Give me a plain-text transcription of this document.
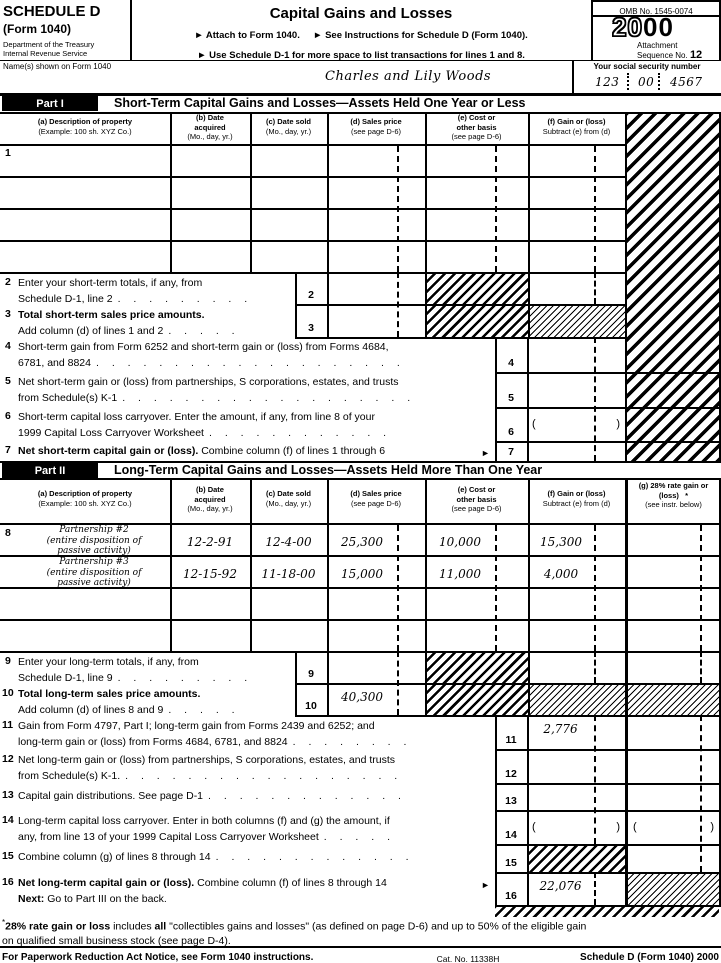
(	)
(	) (	)
SCHEDULE D
(Form 1040)
Department of the Treasury
Internal Revenue Service
Capital Gains and Losses
► Attach to Form 1040. ► See Instructions for Schedule D (Form 1040).
► Use Schedule D-1 for more space to list transactions for lines 1 and 8.
OMB No. 1545-0074
2000
Attachment
Sequence No. 12
Name(s) shown on Form 1040
Charles and Lily Woods
Your social security number
123 00 4567
Part I	Short-Term Capital Gains and Losses—Assets Held One Year or Less
(a) Description of property
(Example: 100 sh. XYZ Co.)
(b) Date
acquired
(Mo., day, yr.)
(c) Date sold
(Mo., day, yr.)
(d) Sales price
(see page D-6)
(e) Cost or
other basis
(see page D-6)
(f) Gain or (loss)
Subtract (e) from (d)
1
2 Enter your short-term totals, if any, from
Schedule D-1, line 2 . . . . . . . . .	2
3 Total short-term sales price amounts.
Add column (d) of lines 1 and 2 . . . . .	3
4 Short-term gain from Form 6252 and short-term gain or (loss) from Forms 4684,
6781, and 8824 . . . . . . . . . . . . . . . . . . . .	4
5 Net short-term gain or (loss) from partnerships, S corporations, estates, and trusts
from Schedule(s) K-1 . . . . . . . . . . . . . . . . . . .	5
6 Short-term capital loss carryover. Enter the amount, if any, from line 8 of your
1999 Capital Loss Carryover Worksheet . . . . . . . . . . . .	6
7 Net short-term capital gain or (loss). Combine column (f) of lines 1 through 6	►	7
Part II	Long-Term Capital Gains and Losses—Assets Held More Than One Year
(a) Description of property
(Example: 100 sh. XYZ Co.)
(b) Date
acquired
(Mo., day, yr.)
(c) Date sold
(Mo., day, yr.)
(d) Sales price
(see page D-6)
(e) Cost or
other basis
(see page D-6)
(f) Gain or (loss)
Subtract (e) from (d)
(g) 28% rate gain or
(loss) *
(see instr. below)
8	Partnership #2
(entire disposition of
passive activity)
12-2-91	12-4-00	25,300	10,000	15,300
Partnership #3
(entire disposition of
passive activity)
12-15-92	11-18-00	15,000	11,000	4,000
9 Enter your long-term totals, if any, from
Schedule D-1, line 9 . . . . . . . . .	9
10 Total long-term sales price amounts.
Add column (d) of lines 8 and 9 . . . . .	10
40,300
11 Gain from Form 4797, Part I; long-term gain from Forms 2439 and 6252; and
long-term gain or (loss) from Forms 4684, 6781, and 8824 . . . . . . . .	11
2,776
12 Net long-term gain or (loss) from partnerships, S corporations, estates, and trusts
from Schedule(s) K-1. . . . . . . . . . . . . . . . . . .	12
13 Capital gain distributions. See page D-1 . . . . . . . . . . . . .	13
14 Long-term capital loss carryover. Enter in both columns (f) and (g) the amount, if
any, from line 13 of your 1999 Capital Loss Carryover Worksheet . . . . .	14
15 Combine column (g) of lines 8 through 14 . . . . . . . . . . . . .	15
16 Net long-term capital gain or (loss). Combine column (f) of lines 8 through 14
Next: Go to Part III on the back.
►
16
22,076
*28% rate gain or loss includes all "collectibles gains and losses" (as defined on page D-6) and up to 50% of the eligible gain
on qualified small business stock (see page D-4).
For Paperwork Reduction Act Notice, see Form 1040 instructions.	Cat. No. 11338H	Schedule D (Form 1040) 2000
